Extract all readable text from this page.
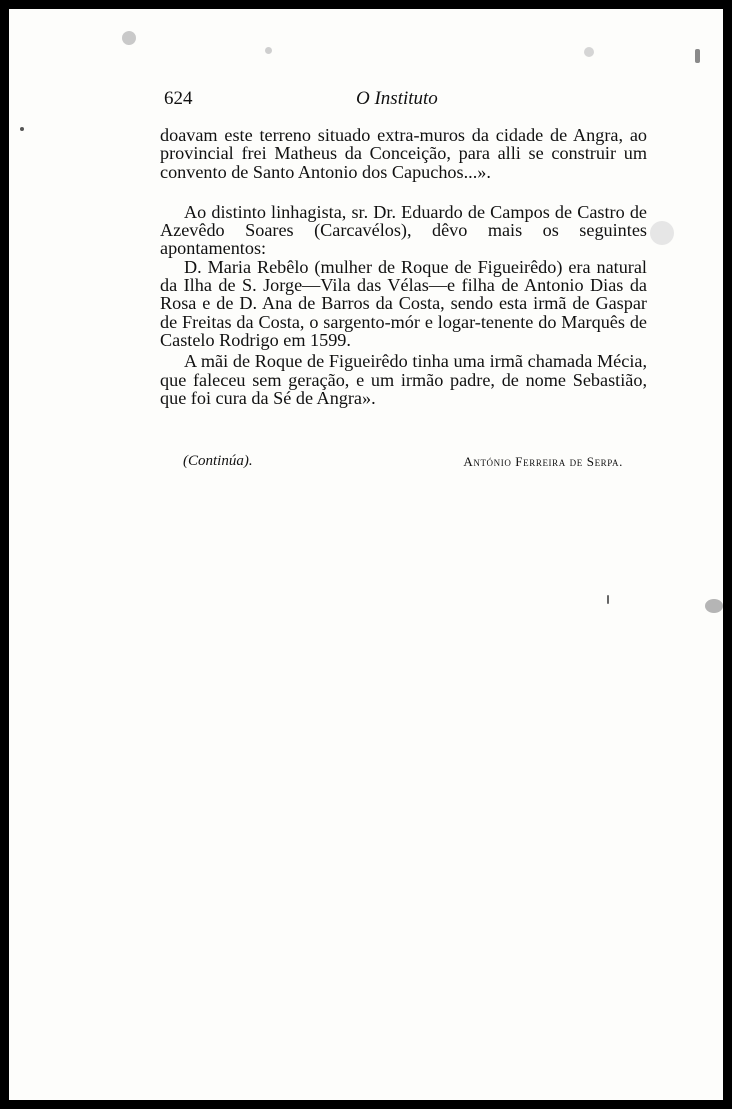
624	O Instituto

doavam este terreno situado extra-muros da cidade de Angra, ao provincial frei Matheus da Conceição, para alli se construir um convento de Santo Antonio dos Capuchos...».

Ao distinto linhagista, sr. Dr. Eduardo de Campos de Castro de Azevêdo Soares (Carcavélos), dêvo mais os seguintes apontamentos:

D. Maria Rebêlo (mulher de Roque de Figueirêdo) era natural da Ilha de S. Jorge—Vila das Vélas—e filha de Antonio Dias da Rosa e de D. Ana de Barros da Costa, sendo esta irmã de Gaspar de Freitas da Costa, o sargento-mór e logar-tenente do Marquês de Castelo Rodrigo em 1599.

A mãi de Roque de Figueirêdo tinha uma irmã chamada Mécia, que faleceu sem geração, e um irmão padre, de nome Sebastião, que foi cura da Sé de Angra».

(Continúa).	António Ferreira de Serpa.
